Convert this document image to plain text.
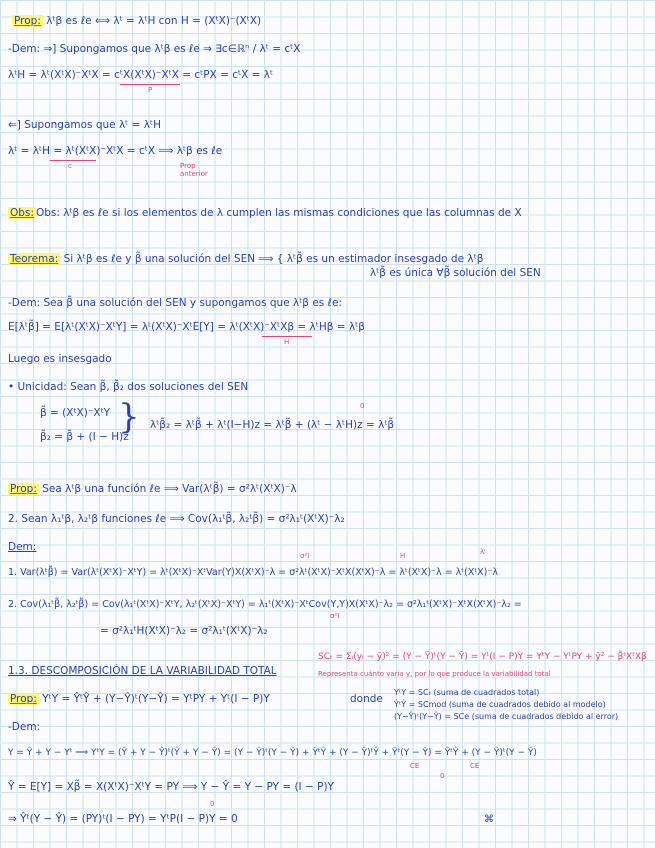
Prop: λᵗβ es ℓe ⟺ λᵗ = λᵗH con H = (XᵗX)⁻(XᵗX)
-Dem: ⇒] Supongamos que λᵗβ es ℓe ⇒ ∃c∈ℝⁿ / λᵗ = cᵗX
λᵗH = λᵗ(XᵗX)⁻XᵗX = cᵗX(XᵗX)⁻XᵗX = cᵗPX = cᵗX = λᵗ
P
⇐] Supongamos que λᵗ = λᵗH
λᵗ = λᵗH = λᵗ(XᵗX)⁻XᵗX = cᵗX ⟹ λᵗβ es ℓe
c	Prop
anterior
Obs: Obs: λᵗβ es ℓe si los elementos de λ cumplen las mismas condiciones que las columnas de X
Teorema: Si λᵗβ es ℓe y β̃ una solución del SEN ⟹ { λᵗβ̃ es un estimador insesgado de λᵗβ
λᵗβ̃ es única ∀β̃ solución del SEN
-Dem: Sea β̃ una solución del SEN y supongamos que λᵗβ es ℓe:
E[λᵗβ̃] = E[λᵗ(XᵗX)⁻XᵗY] = λᵗ(XᵗX)⁻XᵗE[Y] = λᵗ(XᵗX)⁻XᵗXβ = λᵗHβ = λᵗβ
H
Luego es insesgado
• Unicidad: Sean β̃, β̃₂ dos soluciones del SEN
β̃ = (XᵗX)⁻XᵗY
β̃₂ = β̃ + (I − H)z
} λᵗβ̃₂ = λᵗβ̃ + λᵗ(I−H)z = λᵗβ̃ + (λᵗ − λᵗH)z = λᵗβ̃
0
Prop: Sea λᵗβ una función ℓe ⟹ Var(λᵗβ̃) = σ²λᵗ(XᵗX)⁻λ
2. Sean λ₁ᵗβ, λ₂ᵗβ funciones ℓe ⟹ Cov(λ₁ᵗβ̃, λ₂ᵗβ̃) = σ²λ₁ᵗ(XᵗX)⁻λ₂
Dem:
σ²I	H	λᵗ
1. Var(λᵗβ̃) = Var(λᵗ(XᵗX)⁻XᵗY) = λᵗ(XᵗX)⁻XᵗVar(Y)X(XᵗX)⁻λ = σ²λᵗ(XᵗX)⁻XᵗX(XᵗX)⁻λ = λᵗ(XᵗX)⁻λ = λᵗ(XᵗX)⁻λ
2. Cov(λ₁ᵗβ̃, λ₂ᵗβ̃) = Cov(λ₁ᵗ(XᵗX)⁻XᵗY, λ₂ᵗ(XᵗX)⁻XᵗY) = λ₁ᵗ(XᵗX)⁻XᵗCov(Y,Y)X(XᵗX)⁻λ₂ = σ²λ₁ᵗ(XᵗX)⁻XᵗX(XᵗX)⁻λ₂ =
σ²I
= σ²λ₁ᵗH(XᵗX)⁻λ₂ = σ²λ₁ᵗ(XᵗX)⁻λ₂
1.3. DESCOMPOSICIÓN DE LA VARIABILIDAD TOTAL
SCₜ = Σᵢ(yᵢ − ȳ)² = (Y − Ȳ)ᵗ(Y − Ȳ) = Yᵗ(I − P)Y = YᵗY − YᵗPY + ȳ² − β̃ᵗXᵗXβ
Representa cuánto varía y, por lo que produce la variabilidad total
Prop: YᵗY = ŶᵗŶ + (Y−Ŷ)ᵗ(Y−Ŷ) = YᵗPY + Yᵗ(I − P)Y	donde
YᵗY = SCₜ (suma de cuadrados total)
ŶᵗŶ = SCmod (suma de cuadrados debido al modelo)
(Y−Ŷ)ᵗ(Y−Ŷ) = SCe (suma de cuadrados debido al error)
-Dem:
Y = Ŷ + Y − Yᵗ ⟹ YᵗY = (Ŷ + Y − Ŷ)ᵗ(Ŷ + Y − Ŷ) = (Y − Ŷ)ᵗ(Y − Ŷ) + ŶᵗŶ + (Y − Ŷ)ᵗŶ + Ŷᵗ(Y − Ŷ) = ŶᵗŶ + (Y − Ŷ)ᵗ(Y − Ŷ)
CE	CE
0
Ŷ = E[Y] = Xβ̃ = X(XᵗX)⁻XᵗY = PY ⟹ Y − Ŷ = Y − PY = (I − P)Y
⇒ Ŷᵗ(Y − Ŷ) = (PY)ᵗ(I − PY) = YᵗP(I − P)Y = 0
0
⌘
